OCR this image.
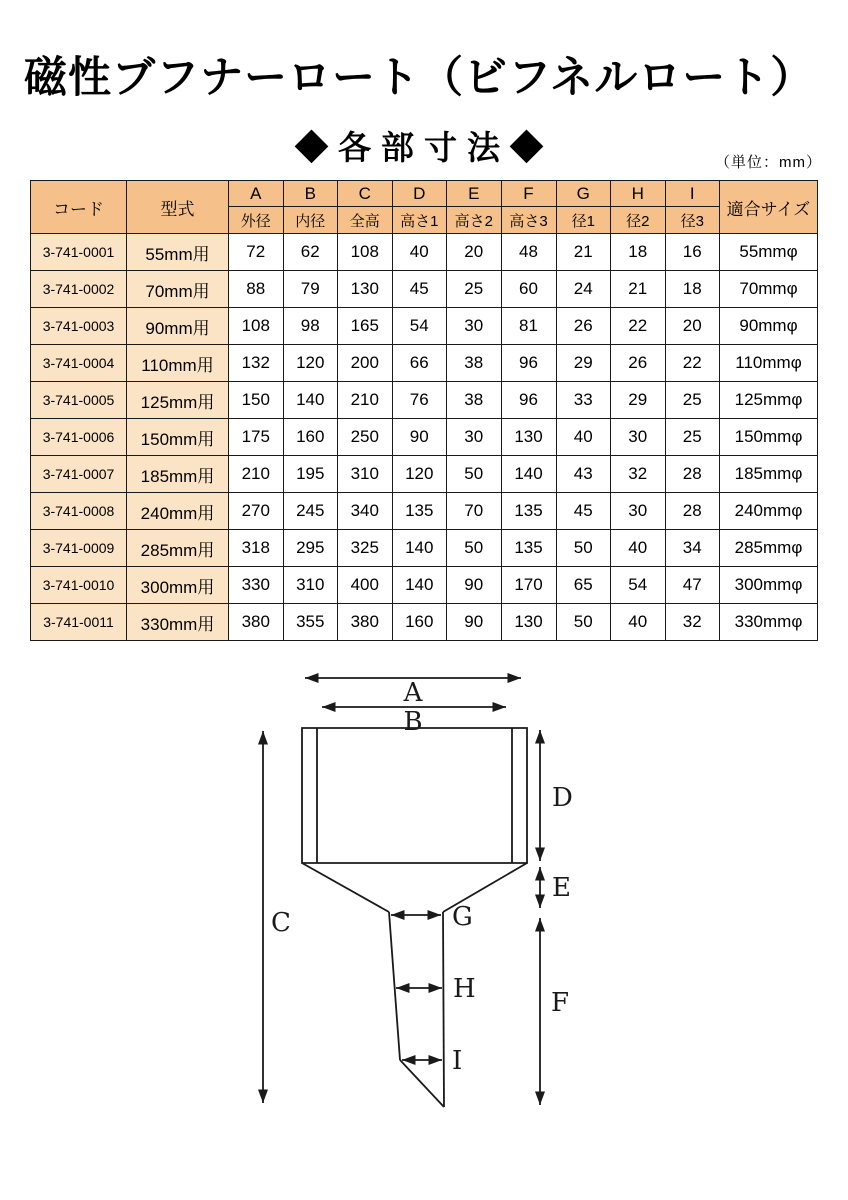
磁性ブフナーロート（ビフネルロート）
◆各部寸法◆	（単位：mm）
コード	型式	A	B	C	D	E	F	G	H	I	適合サイズ
		外径	内径	全高	高さ1	高さ2	高さ3	径1	径2	径3	
3-741-0001	55mm用	72	62	108	40	20	48	21	18	16	55mmφ
3-741-0002	70mm用	88	79	130	45	25	60	24	21	18	70mmφ
3-741-0003	90mm用	108	98	165	54	30	81	26	22	20	90mmφ
3-741-0004	110mm用	132	120	200	66	38	96	29	26	22	110mmφ
3-741-0005	125mm用	150	140	210	76	38	96	33	29	25	125mmφ
3-741-0006	150mm用	175	160	250	90	30	130	40	30	25	150mmφ
3-741-0007	185mm用	210	195	310	120	50	140	43	32	28	185mmφ
3-741-0008	240mm用	270	245	340	135	70	135	45	30	28	240mmφ
3-741-0009	285mm用	318	295	325	140	50	135	50	40	34	285mmφ
3-741-0010	300mm用	330	310	400	140	90	170	65	54	47	300mmφ
3-741-0011	330mm用	380	355	380	160	90	130	50	40	32	330mmφ
A
B
C
D
E
F
G
H
I
